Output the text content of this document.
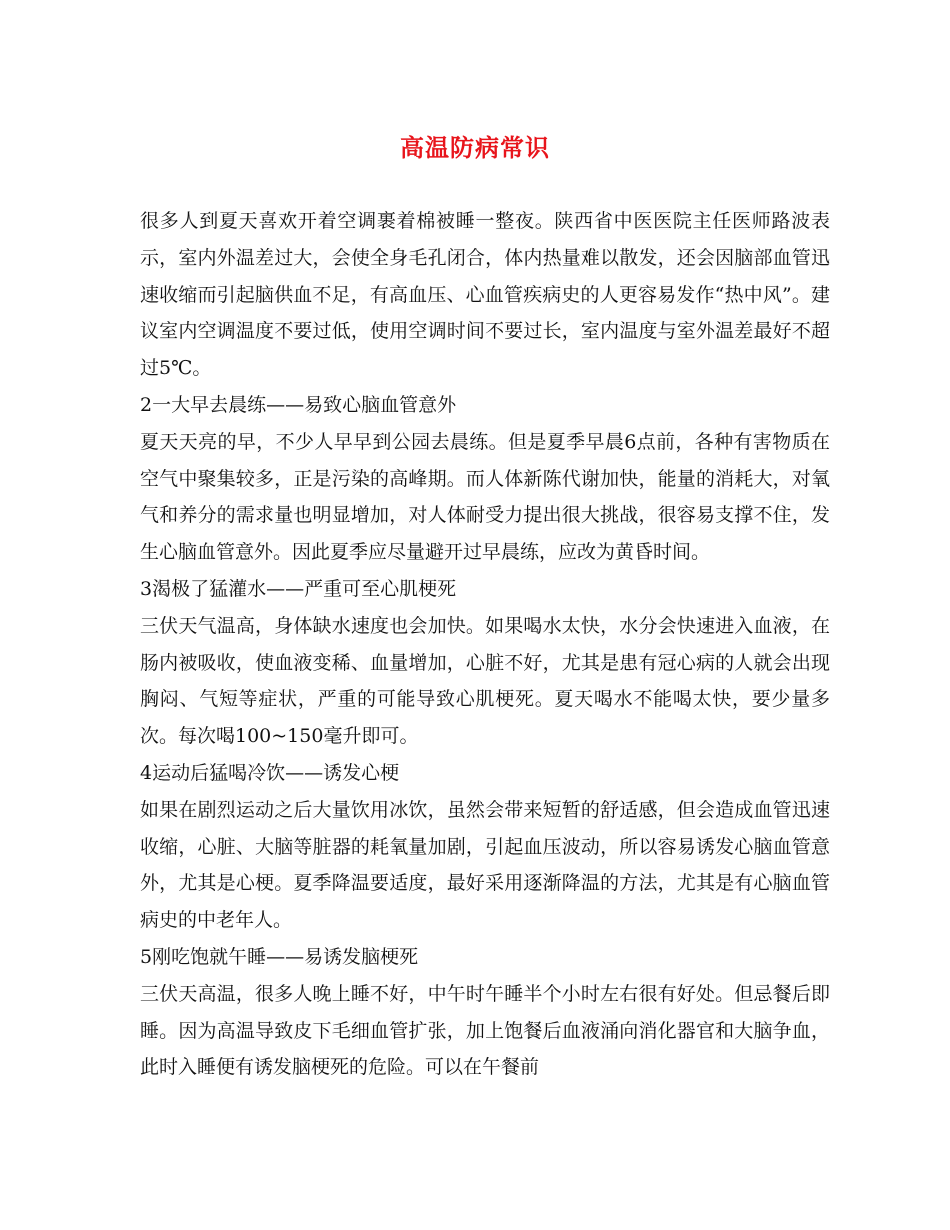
高温防病常识

很多人到夏天喜欢开着空调裹着棉被睡一整夜。陕西省中医医院主任医师路波表示，室内外温差过大，会使全身毛孔闭合，体内热量难以散发，还会因脑部血管迅速收缩而引起脑供血不足，有高血压、心血管疾病史的人更容易发作“热中风”。建议室内空调温度不要过低，使用空调时间不要过长，室内温度与室外温差最好不超过5℃。

2一大早去晨练——易致心脑血管意外

夏天天亮的早，不少人早早到公园去晨练。但是夏季早晨6点前，各种有害物质在空气中聚集较多，正是污染的高峰期。而人体新陈代谢加快，能量的消耗大，对氧气和养分的需求量也明显增加，对人体耐受力提出很大挑战，很容易支撑不住，发生心脑血管意外。因此夏季应尽量避开过早晨练，应改为黄昏时间。

3渴极了猛灌水——严重可至心肌梗死

三伏天气温高，身体缺水速度也会加快。如果喝水太快，水分会快速进入血液，在肠内被吸收，使血液变稀、血量增加，心脏不好，尤其是患有冠心病的人就会出现胸闷、气短等症状，严重的可能导致心肌梗死。夏天喝水不能喝太快，要少量多次。每次喝100~150毫升即可。

4运动后猛喝冷饮——诱发心梗

如果在剧烈运动之后大量饮用冰饮，虽然会带来短暂的舒适感，但会造成血管迅速收缩，心脏、大脑等脏器的耗氧量加剧，引起血压波动，所以容易诱发心脑血管意外，尤其是心梗。夏季降温要适度，最好采用逐渐降温的方法，尤其是有心脑血管病史的中老年人。

5刚吃饱就午睡——易诱发脑梗死

三伏天高温，很多人晚上睡不好，中午时午睡半个小时左右很有好处。但忌餐后即睡。因为高温导致皮下毛细血管扩张，加上饱餐后血液涌向消化器官和大脑争血，此时入睡便有诱发脑梗死的危险。可以在午餐前
